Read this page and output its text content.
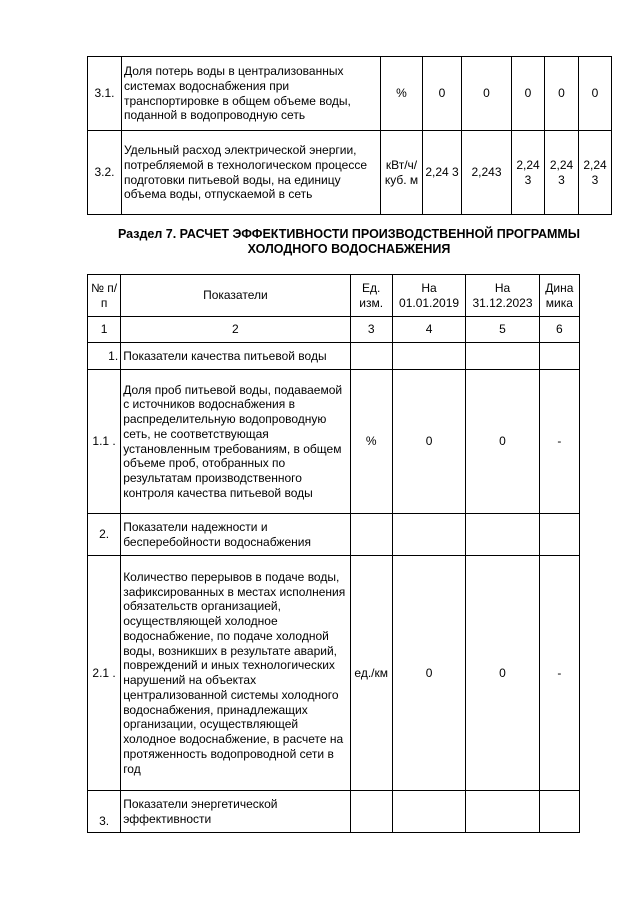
3.1.	Доля потерь воды в централизованных системах водоснабжения при транспортировке в общем объеме воды, поданной в водопроводную сеть	%	0	0	0	0	0
3.2.	Удельный расход электрической энергии, потребляемой в технологическом процессе подготовки питьевой воды, на единицу объема воды, отпускаемой в сеть	кВт/ч/ куб. м	2,24 3	2,243	2,24 3	2,24 3	2,24 3
Раздел 7. РАСЧЕТ ЭФФЕКТИВНОСТИ ПРОИЗВОДСТВЕННОЙ ПРОГРАММЫ ХОЛОДНОГО ВОДОСНАБЖЕНИЯ
№ п/п	Показатели	Ед. изм.	На 01.01.2019	На 31.12.2023	Дина мика
1	2	3	4	5	6
1.	Показатели качества питьевой воды				
1.1 .	Доля проб питьевой воды, подаваемой с источников водоснабжения в распределительную водопроводную сеть, не соответствующая установленным требованиям, в общем объеме проб, отобранных по результатам производственного контроля качества питьевой воды	%	0	0	-
2.	Показатели надежности и бесперебойности водоснабжения				
2.1 .	Количество перерывов в подаче воды, зафиксированных в местах исполнения обязательств организацией, осуществляющей холодное водоснабжение, по подаче холодной воды, возникших в результате аварий, повреждений и иных технологических нарушений на объектах централизованной системы холодного водоснабжения, принадлежащих организации, осуществляющей холодное водоснабжение, в расчете на протяженность водопроводной сети в год	ед./км	0	0	-
3.	Показатели энергетической эффективности				
